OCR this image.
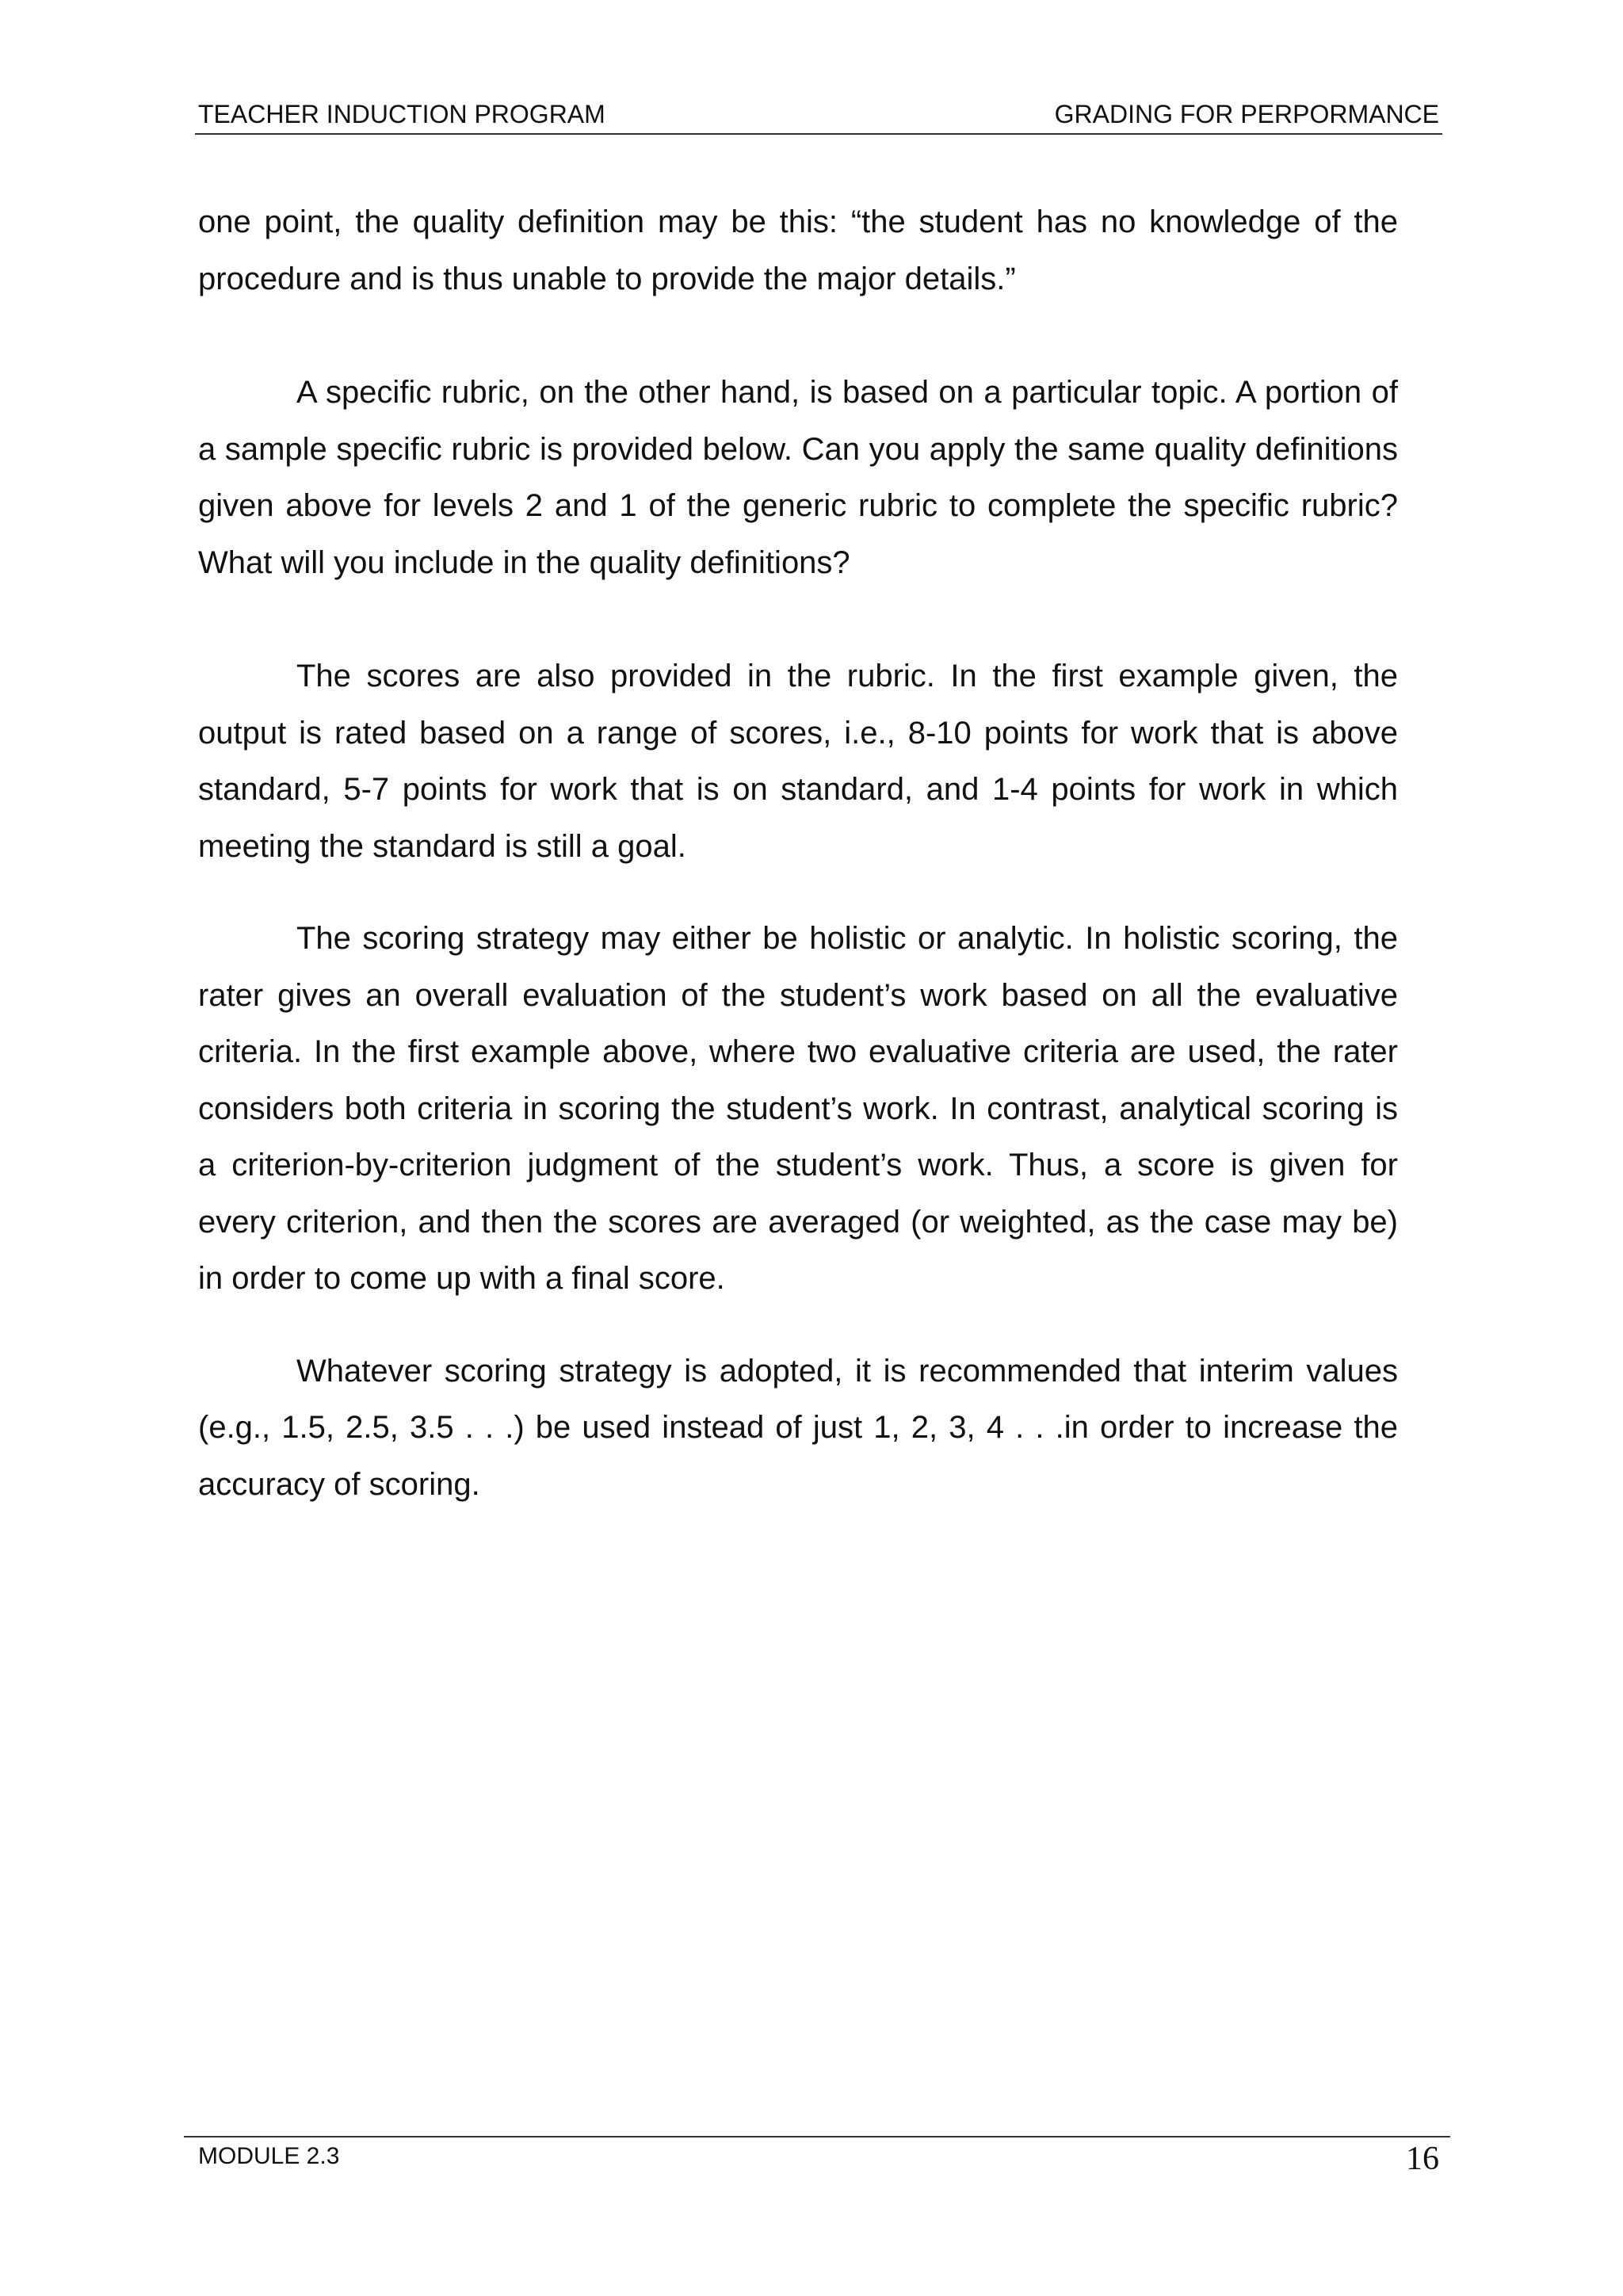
TEACHER INDUCTION PROGRAM	GRADING FOR PERPORMANCE

one point, the quality definition may be this: “the student has no knowledge of the procedure and is thus unable to provide the major details.”

A specific rubric, on the other hand, is based on a particular topic. A portion of a sample specific rubric is provided below. Can you apply the same quality definitions given above for levels 2 and 1 of the generic rubric to complete the specific rubric? What will you include in the quality definitions?

The scores are also provided in the rubric. In the first example given, the output is rated based on a range of scores, i.e., 8-10 points for work that is above standard, 5-7 points for work that is on standard, and 1-4 points for work in which meeting the standard is still a goal.

The scoring strategy may either be holistic or analytic. In holistic scoring, the rater gives an overall evaluation of the student’s work based on all the evaluative criteria. In the first example above, where two evaluative criteria are used, the rater considers both criteria in scoring the student’s work. In contrast, analytical scoring is a criterion-by-criterion judgment of the student’s work. Thus, a score is given for every criterion, and then the scores are averaged (or weighted, as the case may be) in order to come up with a final score.

Whatever scoring strategy is adopted, it is recommended that interim values (e.g., 1.5, 2.5, 3.5 . . .) be used instead of just 1, 2, 3, 4 . . .in order to increase the accuracy of scoring.

MODULE 2.3	16
